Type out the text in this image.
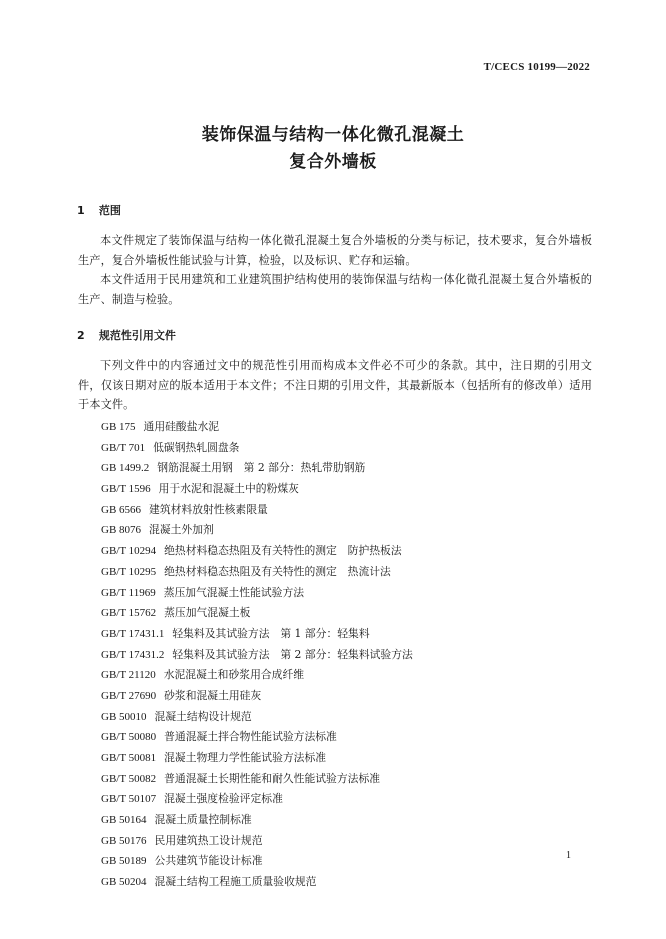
T/CECS 10199—2022
装饰保温与结构一体化微孔混凝土
复合外墙板
1 范围

本文件规定了装饰保温与结构一体化微孔混凝土复合外墙板的分类与标记，技术要求，复合外墙板生产，复合外墙板性能试验与计算，检验，以及标识、贮存和运输。

本文件适用于民用建筑和工业建筑围护结构使用的装饰保温与结构一体化微孔混凝土复合外墙板的生产、制造与检验。

2 规范性引用文件

下列文件中的内容通过文中的规范性引用而构成本文件必不可少的条款。其中，注日期的引用文件，仅该日期对应的版本适用于本文件；不注日期的引用文件，其最新版本（包括所有的修改单）适用于本文件。

GB 175 通用硅酸盐水泥
GB/T 701 低碳钢热轧圆盘条
GB 1499.2 钢筋混凝土用钢　第 2 部分：热轧带肋钢筋
GB/T 1596 用于水泥和混凝土中的粉煤灰
GB 6566 建筑材料放射性核素限量
GB 8076 混凝土外加剂
GB/T 10294 绝热材料稳态热阻及有关特性的测定　防护热板法
GB/T 10295 绝热材料稳态热阻及有关特性的测定　热流计法
GB/T 11969 蒸压加气混凝土性能试验方法
GB/T 15762 蒸压加气混凝土板
GB/T 17431.1 轻集料及其试验方法　第 1 部分：轻集料
GB/T 17431.2 轻集料及其试验方法　第 2 部分：轻集料试验方法
GB/T 21120 水泥混凝土和砂浆用合成纤维
GB/T 27690 砂浆和混凝土用硅灰
GB 50010 混凝土结构设计规范
GB/T 50080 普通混凝土拌合物性能试验方法标准
GB/T 50081 混凝土物理力学性能试验方法标准
GB/T 50082 普通混凝土长期性能和耐久性能试验方法标准
GB/T 50107 混凝土强度检验评定标准
GB 50164 混凝土质量控制标准
GB 50176 民用建筑热工设计规范
GB 50189 公共建筑节能设计标准
GB 50204 混凝土结构工程施工质量验收规范
1
